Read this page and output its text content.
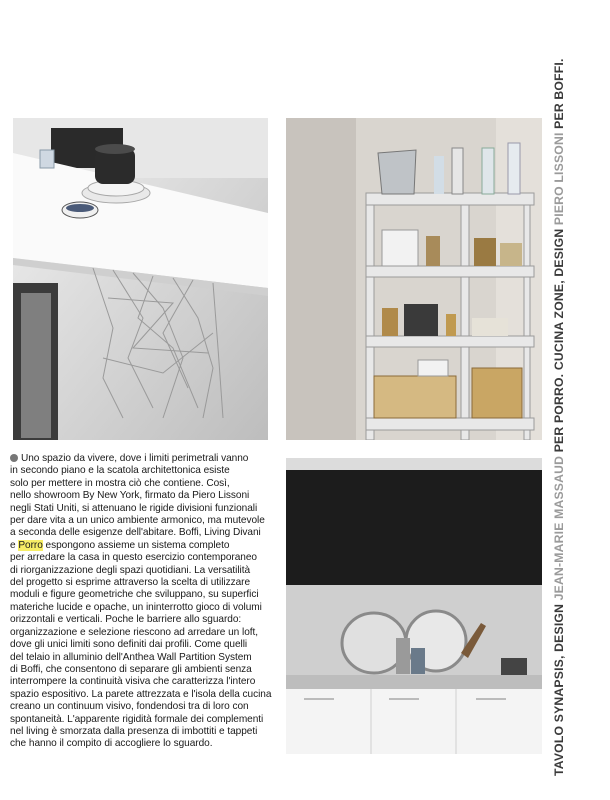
Uno spazio da vivere, dove i limiti perimetrali vanno
in secondo piano e la scatola architettonica esiste
solo per mettere in mostra ciò che contiene. Così,
nello showroom By New York, firmato da Piero Lissoni
negli Stati Uniti, si attenuano le rigide divisioni funzionali
per dare vita a un unico ambiente armonico, ma mutevole
a seconda delle esigenze dell'abitare. Boffi, Living Divani
e Porro espongono assieme un sistema completo
per arredare la casa in questo esercizio contemporaneo
di riorganizzazione degli spazi quotidiani. La versatilità
del progetto si esprime attraverso la scelta di utilizzare
moduli e figure geometriche che sviluppano, su superfici
materiche lucide e opache, un ininterrotto gioco di volumi
orizzontali e verticali. Poche le barriere allo sguardo:
organizzazione e selezione riescono ad arredare un loft,
dove gli unici limiti sono definiti dai profili. Come quelli
del telaio in alluminio dell'Anthea Wall Partition System
di Boffi, che consentono di separare gli ambienti senza
interrompere la continuità visiva che caratterizza l'intero
spazio espositivo. La parete attrezzata e l'isola della cucina
creano un continuum visivo, fondendosi tra di loro con
spontaneità. L'apparente rigidità formale dei complementi
nel living è smorzata dalla presenza di imbottiti e tappeti
che hanno il compito di accogliere lo sguardo.	TAVOLO SYNAPSIS, DESIGN JEAN-MARIE MASSAUD PER PORRO. CUCINA ZONE, DESIGN PIERO LISSONI PER BOFFI.
